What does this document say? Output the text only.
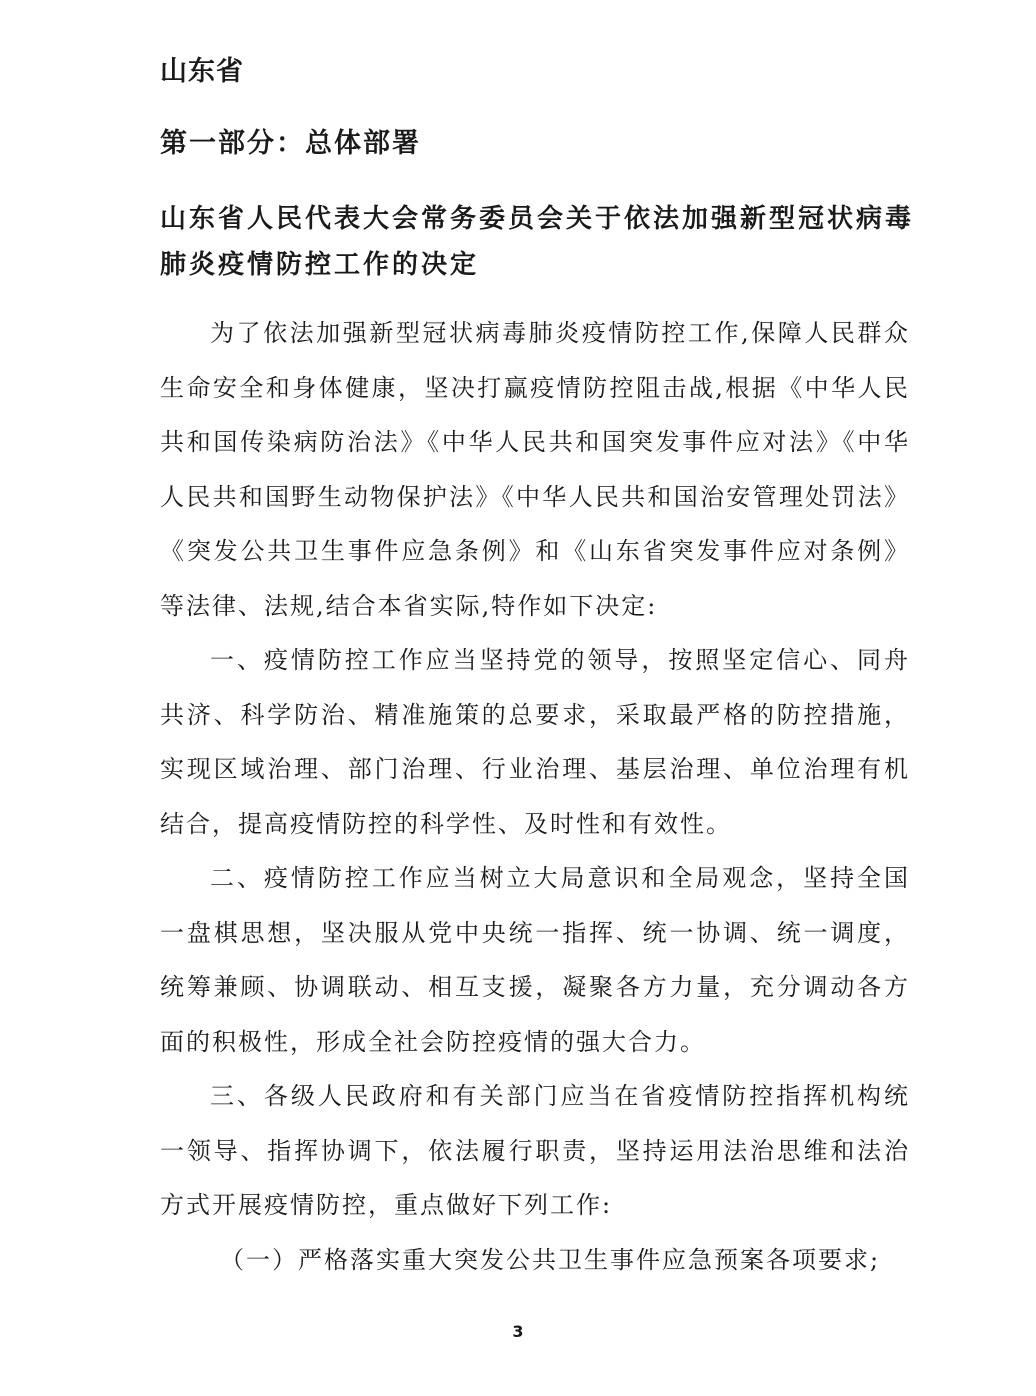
山东省
第一部分：总体部署
山东省人民代表大会常务委员会关于依法加强新型冠状病毒肺炎疫情防控工作的决定

为了依法加强新型冠状病毒肺炎疫情防控工作,保障人民群众生命安全和身体健康，坚决打赢疫情防控阻击战,根据《中华人民共和国传染病防治法》《中华人民共和国突发事件应对法》《中华人民共和国野生动物保护法》《中华人民共和国治安管理处罚法》《突发公共卫生事件应急条例》和《山东省突发事件应对条例》等法律、法规,结合本省实际,特作如下决定:

一、疫情防控工作应当坚持党的领导，按照坚定信心、同舟共济、科学防治、精准施策的总要求，采取最严格的防控措施，实现区域治理、部门治理、行业治理、基层治理、单位治理有机结合，提高疫情防控的科学性、及时性和有效性。

二、疫情防控工作应当树立大局意识和全局观念，坚持全国一盘棋思想，坚决服从党中央统一指挥、统一协调、统一调度，统筹兼顾、协调联动、相互支援，凝聚各方力量，充分调动各方面的积极性，形成全社会防控疫情的强大合力。

三、各级人民政府和有关部门应当在省疫情防控指挥机构统一领导、指挥协调下，依法履行职责，坚持运用法治思维和法治方式开展疫情防控，重点做好下列工作:

（一）严格落实重大突发公共卫生事件应急预案各项要求;

3
